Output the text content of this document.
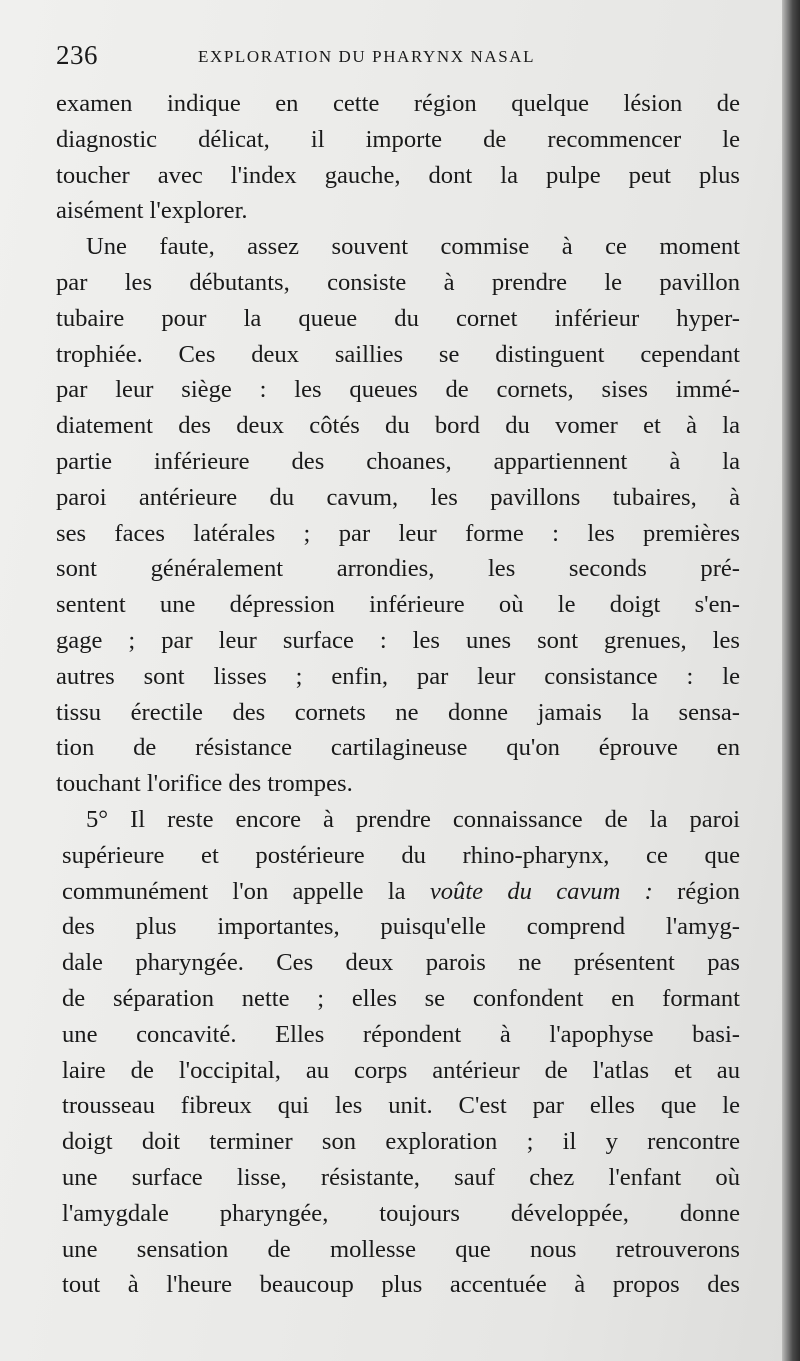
236	EXPLORATION DU PHARYNX NASAL
examen indique en cette région quelque lésion de
diagnostic délicat, il importe de recommencer le
toucher avec l'index gauche, dont la pulpe peut plus
aisément l'explorer.
Une faute, assez souvent commise à ce moment
par les débutants, consiste à prendre le pavillon
tubaire pour la queue du cornet inférieur hyper-
trophiée. Ces deux saillies se distinguent cependant
par leur siège : les queues de cornets, sises immé-
diatement des deux côtés du bord du vomer et à la
partie inférieure des choanes, appartiennent à la
paroi antérieure du cavum, les pavillons tubaires, à
ses faces latérales ; par leur forme : les premières
sont généralement arrondies, les seconds pré-
sentent une dépression inférieure où le doigt s'en-
gage ; par leur surface : les unes sont grenues, les
autres sont lisses ; enfin, par leur consistance : le
tissu érectile des cornets ne donne jamais la sensa-
tion de résistance cartilagineuse qu'on éprouve en
touchant l'orifice des trompes.
5° Il reste encore à prendre connaissance de la paroi
supérieure et postérieure du rhino-pharynx, ce que
communément l'on appelle la voûte du cavum : région
des plus importantes, puisqu'elle comprend l'amyg-
dale pharyngée. Ces deux parois ne présentent pas
de séparation nette ; elles se confondent en formant
une concavité. Elles répondent à l'apophyse basi-
laire de l'occipital, au corps antérieur de l'atlas et au
trousseau fibreux qui les unit. C'est par elles que le
doigt doit terminer son exploration ; il y rencontre
une surface lisse, résistante, sauf chez l'enfant où
l'amygdale pharyngée, toujours développée, donne
une sensation de mollesse que nous retrouverons
tout à l'heure beaucoup plus accentuée à propos des
